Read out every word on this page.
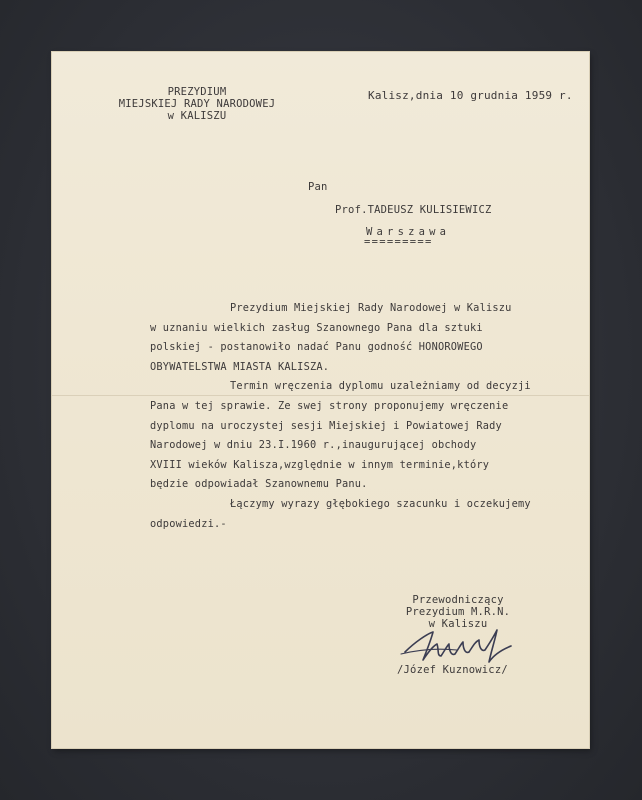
PREZYDIUM
MIEJSKIEJ RADY NARODOWEJ
w KALISZU
Kalisz,dnia 10 grudnia 1959 r.
Pan
Prof.TADEUSZ KULISIEWICZ
Warszawa
=========
Prezydium Miejskiej Rady Narodowej w Kaliszu
w uznaniu wielkich zasług Szanownego Pana dla sztuki
polskiej - postanowiło nadać Panu godność HONOROWEGO
OBYWATELSTWA MIASTA KALISZA.
Termin wręczenia dyplomu uzależniamy od decyzji
Pana w tej sprawie. Ze swej strony proponujemy wręczenie
dyplomu na uroczystej sesji Miejskiej i Powiatowej Rady
Narodowej w dniu 23.I.1960 r.,inaugurującej obchody
XVIII wieków Kalisza,względnie w innym terminie,który
będzie odpowiadał Szanownemu Panu.
Łączymy wyrazy głębokiego szacunku i oczekujemy
odpowiedzi.-
Przewodniczący
Prezydium M.R.N.
w Kaliszu
/Józef Kuznowicz/
